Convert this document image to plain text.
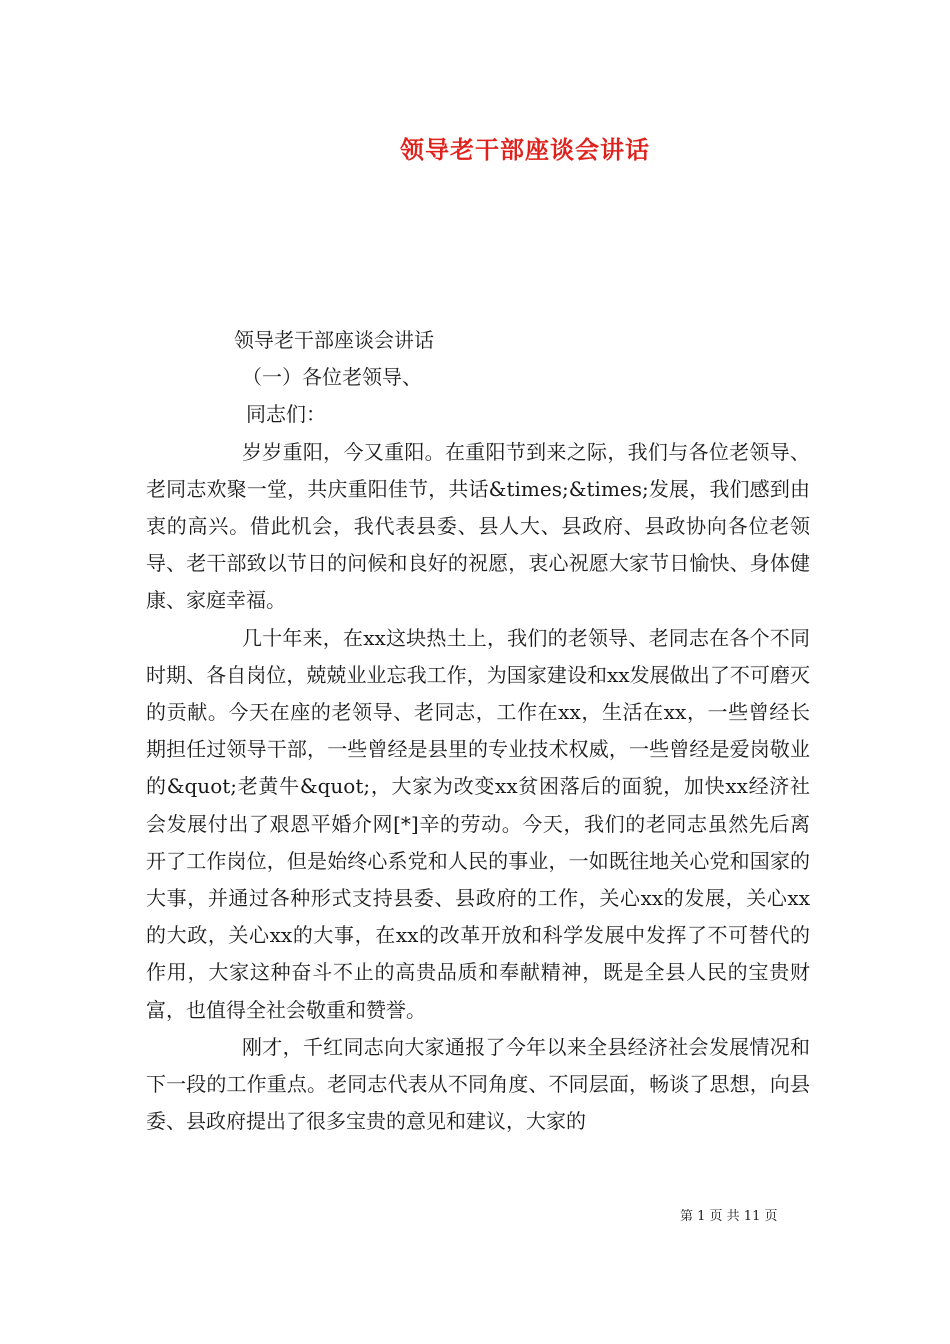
领导老干部座谈会讲话

领导老干部座谈会讲话

（一）各位老领导、

同志们：

岁岁重阳，今又重阳。在重阳节到来之际，我们与各位老领导、老同志欢聚一堂，共庆重阳佳节，共话&times;&times;发展，我们感到由衷的高兴。借此机会，我代表县委、县人大、县政府、县政协向各位老领导、老干部致以节日的问候和良好的祝愿，衷心祝愿大家节日愉快、身体健康、家庭幸福。

几十年来，在xx这块热土上，我们的老领导、老同志在各个不同时期、各自岗位，兢兢业业忘我工作，为国家建设和xx发展做出了不可磨灭的贡献。今天在座的老领导、老同志，工作在xx，生活在xx，一些曾经长期担任过领导干部，一些曾经是县里的专业技术权威，一些曾经是爱岗敬业的&quot;老黄牛&quot;，大家为改变xx贫困落后的面貌，加快xx经济社会发展付出了艰恩平婚介网[*]辛的劳动。今天，我们的老同志虽然先后离开了工作岗位，但是始终心系党和人民的事业，一如既往地关心党和国家的大事，并通过各种形式支持县委、县政府的工作，关心xx的发展，关心xx的大政，关心xx的大事，在xx的改革开放和科学发展中发挥了不可替代的作用，大家这种奋斗不止的高贵品质和奉献精神，既是全县人民的宝贵财富，也值得全社会敬重和赞誉。

刚才，千红同志向大家通报了今年以来全县经济社会发展情况和下一段的工作重点。老同志代表从不同角度、不同层面，畅谈了思想，向县委、县政府提出了很多宝贵的意见和建议，大家的

第 1 页 共 11 页
